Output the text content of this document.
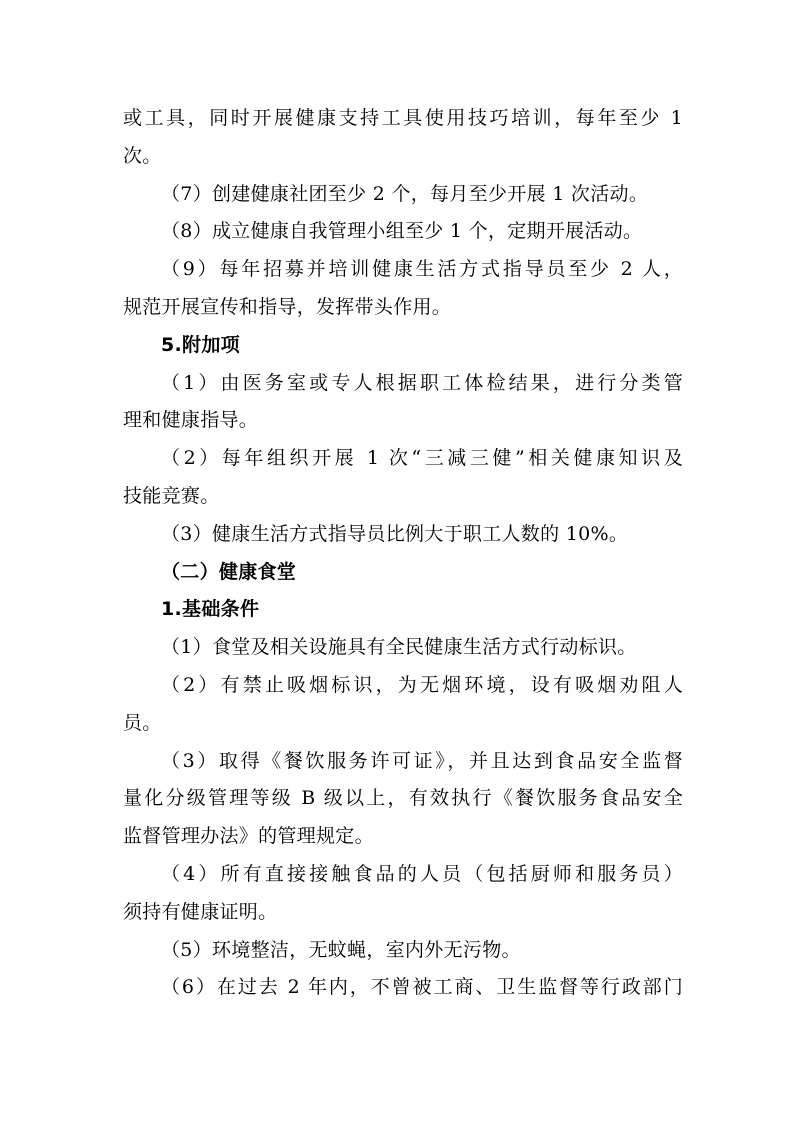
或工具，同时开展健康支持工具使用技巧培训，每年至少 1
次。
（7）创建健康社团至少 2 个，每月至少开展 1 次活动。
（8）成立健康自我管理小组至少 1 个，定期开展活动。
（9）每年招募并培训健康生活方式指导员至少 2 人，
规范开展宣传和指导，发挥带头作用。
5.附加项
（1）由医务室或专人根据职工体检结果，进行分类管
理和健康指导。
（2）每年组织开展 1 次“三减三健”相关健康知识及
技能竞赛。
（3）健康生活方式指导员比例大于职工人数的 10%。
（二）健康食堂
1.基础条件
（1）食堂及相关设施具有全民健康生活方式行动标识。
（2）有禁止吸烟标识，为无烟环境，设有吸烟劝阻人
员。
（3）取得《餐饮服务许可证》，并且达到食品安全监督
量化分级管理等级 B 级以上，有效执行《餐饮服务食品安全
监督管理办法》的管理规定。
（4）所有直接接触食品的人员（包括厨师和服务员）
须持有健康证明。
（5）环境整洁，无蚊蝇，室内外无污物。
（6）在过去 2 年内，不曾被工商、卫生监督等行政部门
